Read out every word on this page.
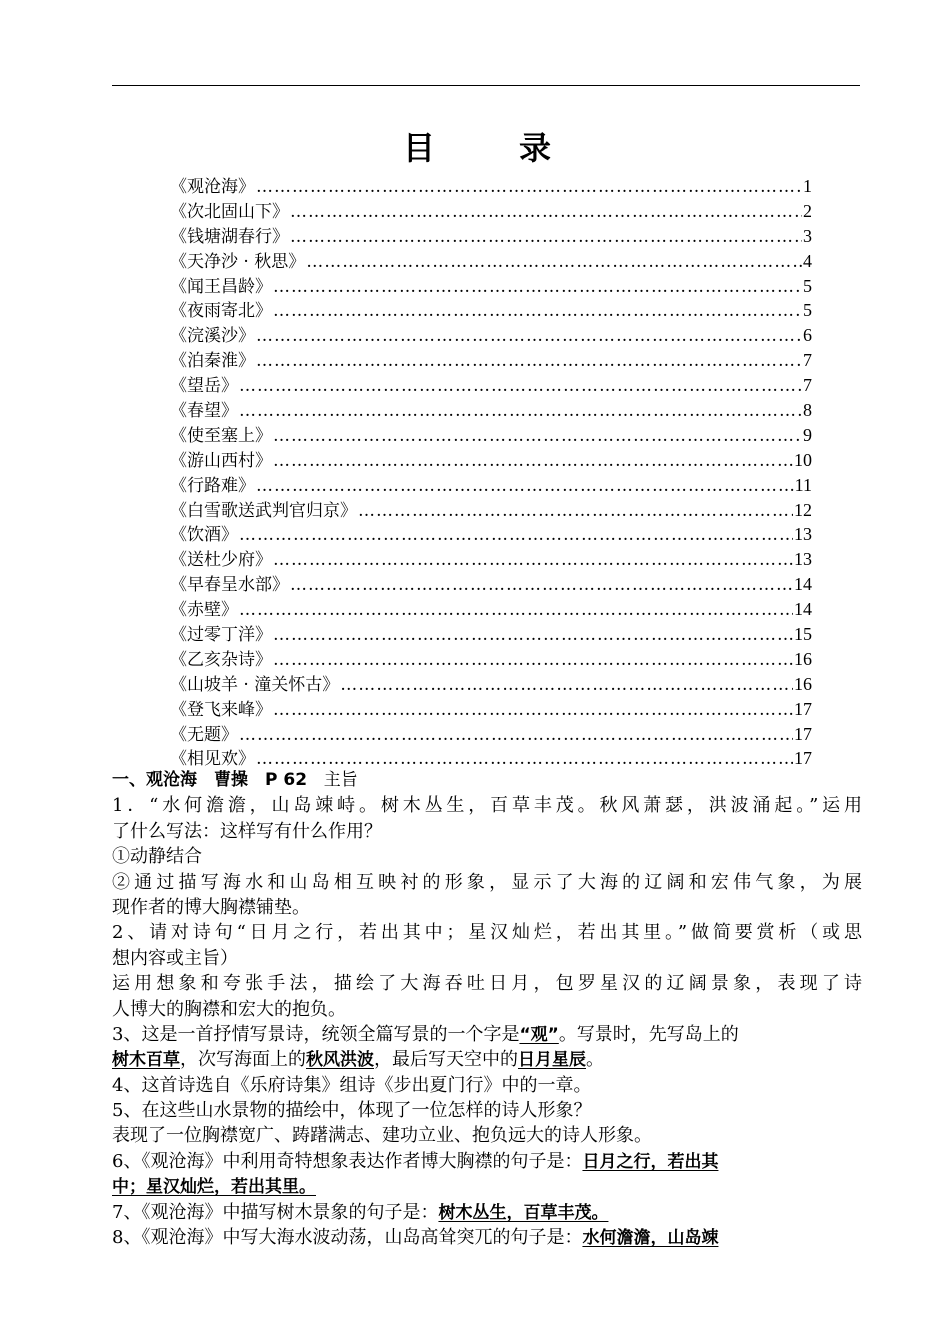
目　录
《观沧海》 ……………………………………………………………………………………………………………………………………………………	1
《次北固山下》 ……………………………………………………………………………………………………………………………………………………	2
《钱塘湖春行》 ……………………………………………………………………………………………………………………………………………………	3
《天净沙 · 秋思》 ……………………………………………………………………………………………………………………………………………………	4
《闻王昌龄》 ……………………………………………………………………………………………………………………………………………………	5
《夜雨寄北》 ……………………………………………………………………………………………………………………………………………………	5
《浣溪沙》 ……………………………………………………………………………………………………………………………………………………	6
《泊秦淮》 ……………………………………………………………………………………………………………………………………………………	7
《望岳》 ……………………………………………………………………………………………………………………………………………………	7
《春望》 ……………………………………………………………………………………………………………………………………………………	8
《使至塞上》 ……………………………………………………………………………………………………………………………………………………	9
《游山西村》 ……………………………………………………………………………………………………………………………………………………	10
《行路难》 ……………………………………………………………………………………………………………………………………………………	11
《白雪歌送武判官归京》 ……………………………………………………………………………………………………………………………………………………	12
《饮酒》 ……………………………………………………………………………………………………………………………………………………	13
《送杜少府》 ……………………………………………………………………………………………………………………………………………………	13
《早春呈水部》 ……………………………………………………………………………………………………………………………………………………	14
《赤壁》 ……………………………………………………………………………………………………………………………………………………	14
《过零丁洋》 ……………………………………………………………………………………………………………………………………………………	15
《乙亥杂诗》 ……………………………………………………………………………………………………………………………………………………	16
《山坡羊 · 潼关怀古》 ……………………………………………………………………………………………………………………………………………………	16
《登飞来峰》 ……………………………………………………………………………………………………………………………………………………	17
《无题》 ……………………………………………………………………………………………………………………………………………………	17
《相见欢》 ……………………………………………………………………………………………………………………………………………………	17
一、观沧海　曹操　P 62 主旨
1．“水何澹澹，山岛竦峙。树木丛生，百草丰茂。秋风萧瑟，洪波涌起。”运用
了什么写法：这样写有什么作用？
①动静结合
②通过描写海水和山岛相互映衬的形象，显示了大海的辽阔和宏伟气象，为展
现作者的博大胸襟铺垫。
2、请对诗句“日月之行，若出其中；星汉灿烂，若出其里。”做简要赏析（或思
想内容或主旨）
运用想象和夸张手法，描绘了大海吞吐日月，包罗星汉的辽阔景象，表现了诗
人博大的胸襟和宏大的抱负。
3、这是一首抒情写景诗，统领全篇写景的一个字是“观”。写景时，先写岛上的
树木百草，次写海面上的秋风洪波，最后写天空中的日月星辰。
4、这首诗选自《乐府诗集》组诗《步出夏门行》中的一章。
5、在这些山水景物的描绘中，体现了一位怎样的诗人形象？
表现了一位胸襟宽广、踌躇满志、建功立业、抱负远大的诗人形象。
6、《观沧海》中利用奇特想象表达作者博大胸襟的句子是：日月之行，若出其
中；星汉灿烂，若出其里。
7、《观沧海》中描写树木景象的句子是：树木丛生，百草丰茂。
8、《观沧海》中写大海水波动荡，山岛高耸突兀的句子是：水何澹澹，山岛竦
